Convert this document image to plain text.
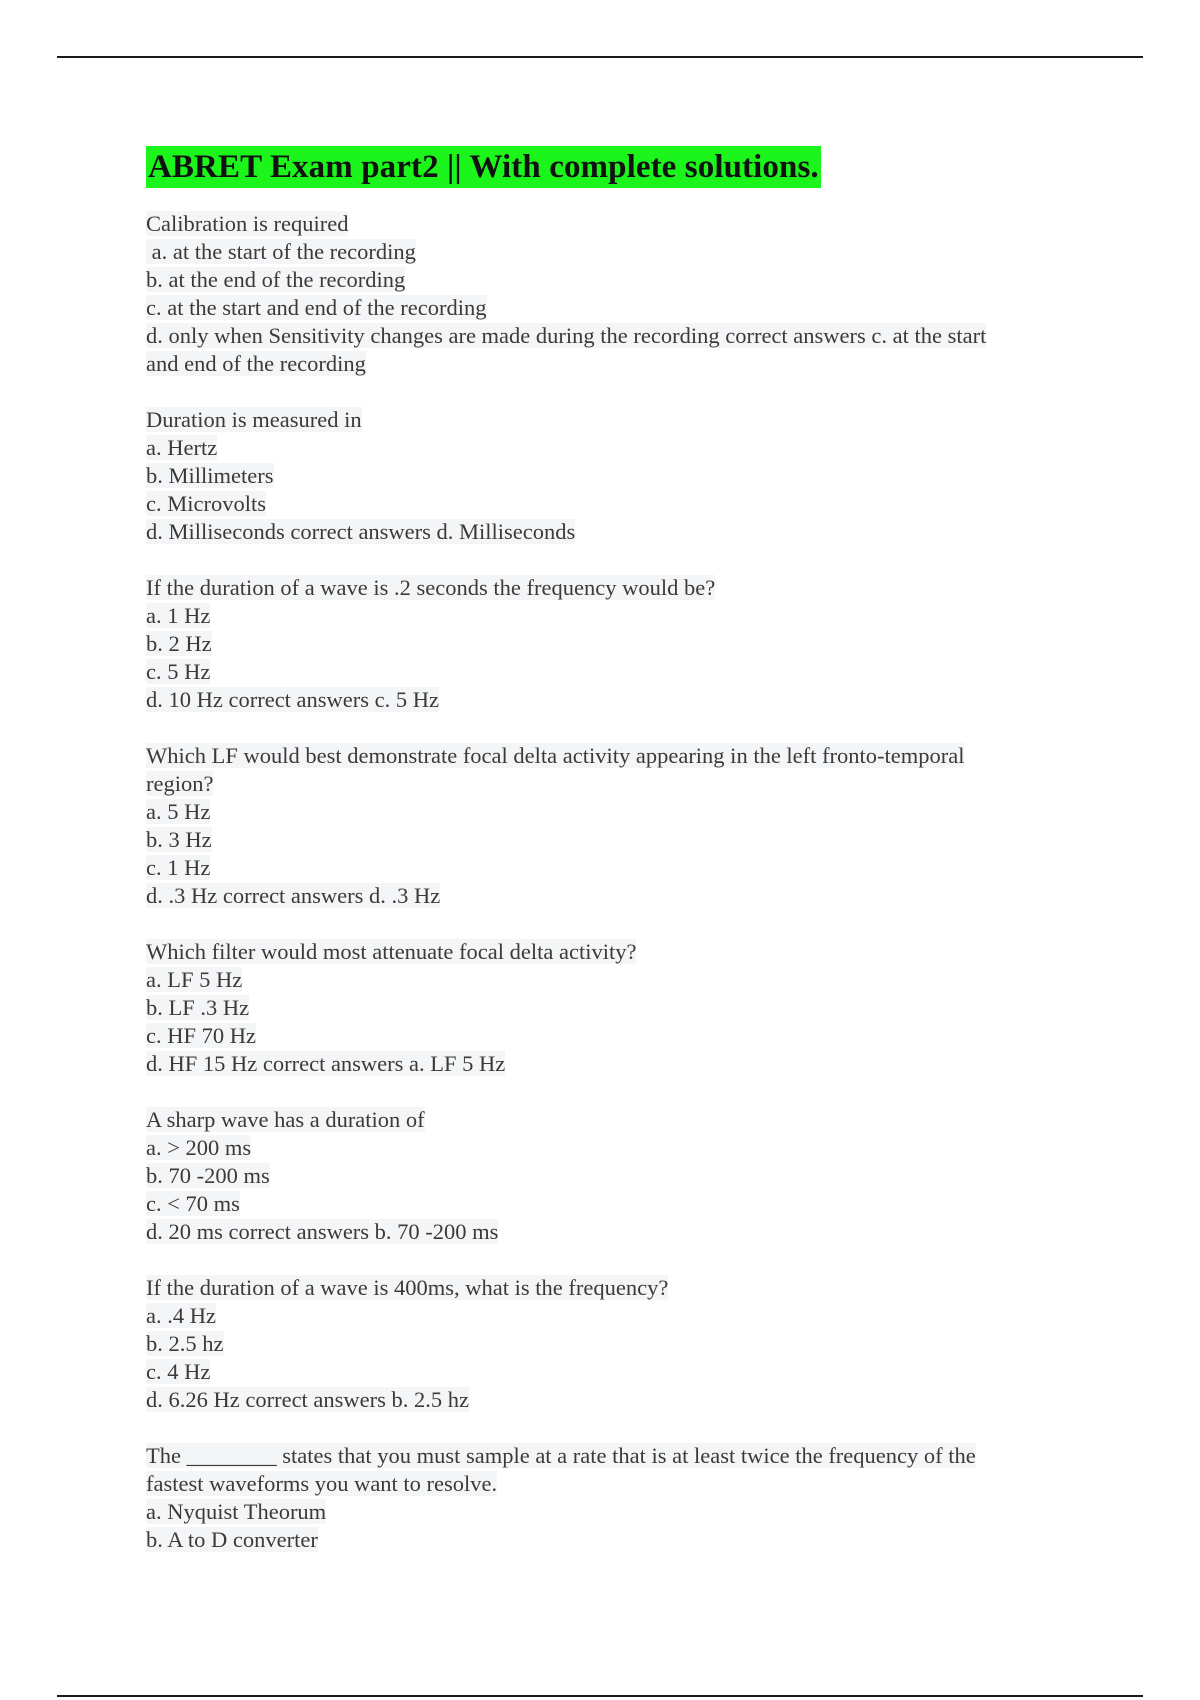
ABRET Exam part2 || With complete solutions.
Calibration is required
a. at the start of the recording
b. at the end of the recording
c. at the start and end of the recording
d. only when Sensitivity changes are made during the recording correct answers c. at the start
and end of the recording
Duration is measured in
a. Hertz
b. Millimeters
c. Microvolts
d. Milliseconds correct answers d. Milliseconds
If the duration of a wave is .2 seconds the frequency would be?
a. 1 Hz
b. 2 Hz
c. 5 Hz
d. 10 Hz correct answers c. 5 Hz
Which LF would best demonstrate focal delta activity appearing in the left fronto-temporal
region?
a. 5 Hz
b. 3 Hz
c. 1 Hz
d. .3 Hz correct answers d. .3 Hz
Which filter would most attenuate focal delta activity?
a. LF 5 Hz
b. LF .3 Hz
c. HF 70 Hz
d. HF 15 Hz correct answers a. LF 5 Hz
A sharp wave has a duration of
a. > 200 ms
b. 70 -200 ms
c. < 70 ms
d. 20 ms correct answers b. 70 -200 ms
If the duration of a wave is 400ms, what is the frequency?
a. .4 Hz
b. 2.5 hz
c. 4 Hz
d. 6.26 Hz correct answers b. 2.5 hz
The ________ states that you must sample at a rate that is at least twice the frequency of the
fastest waveforms you want to resolve.
a. Nyquist Theorum
b. A to D converter
